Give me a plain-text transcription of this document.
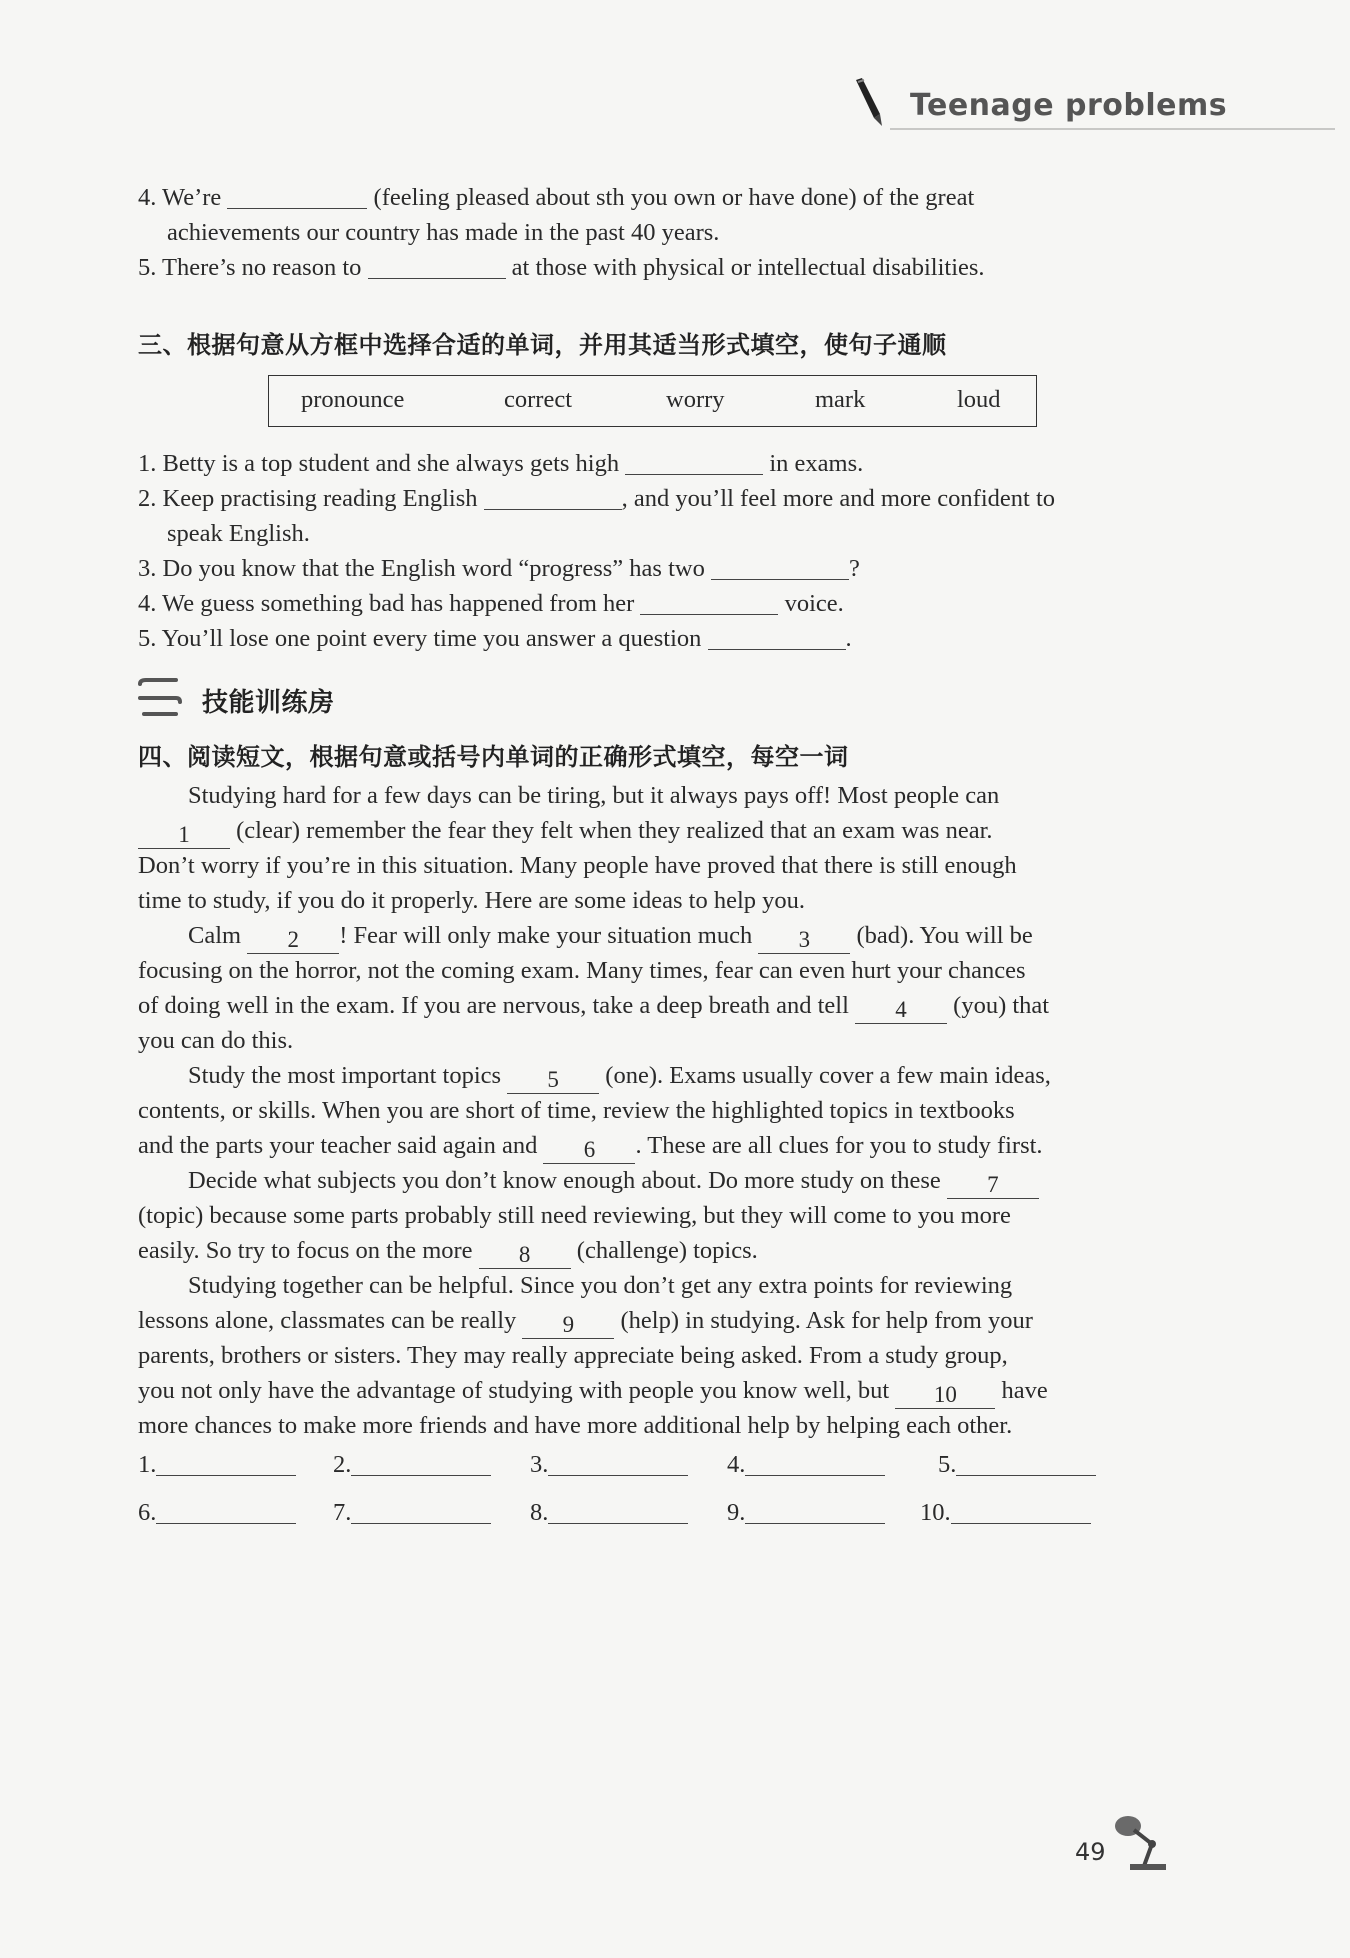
Teenage problems
4. We’re	(feeling pleased about sth you own or have done) of the great
achievements our country has made in the past 40 years.
5. There’s no reason to	at those with physical or intellectual disabilities.
三、根据句意从方框中选择合适的单词，并用其适当形式填空，使句子通顺
pronounce	correct	worry	mark	loud
1. Betty is a top student and she always gets high	in exams.
2. Keep practising reading English	, and you’ll feel more and more confident to
speak English.
3. Do you know that the English word “progress” has two	?
4. We guess something bad has happened from her	voice.
5. You’ll lose one point every time you answer a question	.
技能训练房
四、阅读短文，根据句意或括号内单词的正确形式填空，每空一词
Studying hard for a few days can be tiring, but it always pays off! Most people can
1 (clear) remember the fear they felt when they realized that an exam was near.
Don’t worry if you’re in this situation. Many people have proved that there is still enough
time to study, if you do it properly. Here are some ideas to help you.
Calm 2 ! Fear will only make your situation much 3 (bad). You will be
focusing on the horror, not the coming exam. Many times, fear can even hurt your chances
of doing well in the exam. If you are nervous, take a deep breath and tell 4 (you) that
you can do this.
Study the most important topics 5 (one). Exams usually cover a few main ideas,
contents, or skills. When you are short of time, review the highlighted topics in textbooks
and the parts your teacher said again and 6 . These are all clues for you to study first.
Decide what subjects you don’t know enough about. Do more study on these 7
(topic) because some parts probably still need reviewing, but they will come to you more
easily. So try to focus on the more 8 (challenge) topics.
Studying together can be helpful. Since you don’t get any extra points for reviewing
lessons alone, classmates can be really 9 (help) in studying. Ask for help from your
parents, brothers or sisters. They may really appreciate being asked. From a study group,
you not only have the advantage of studying with people you know well, but 10 have
more chances to make more friends and have more additional help by helping each other.
1.	2.	3.	4.	5.
6.	7.	8.	9.	10.
49
